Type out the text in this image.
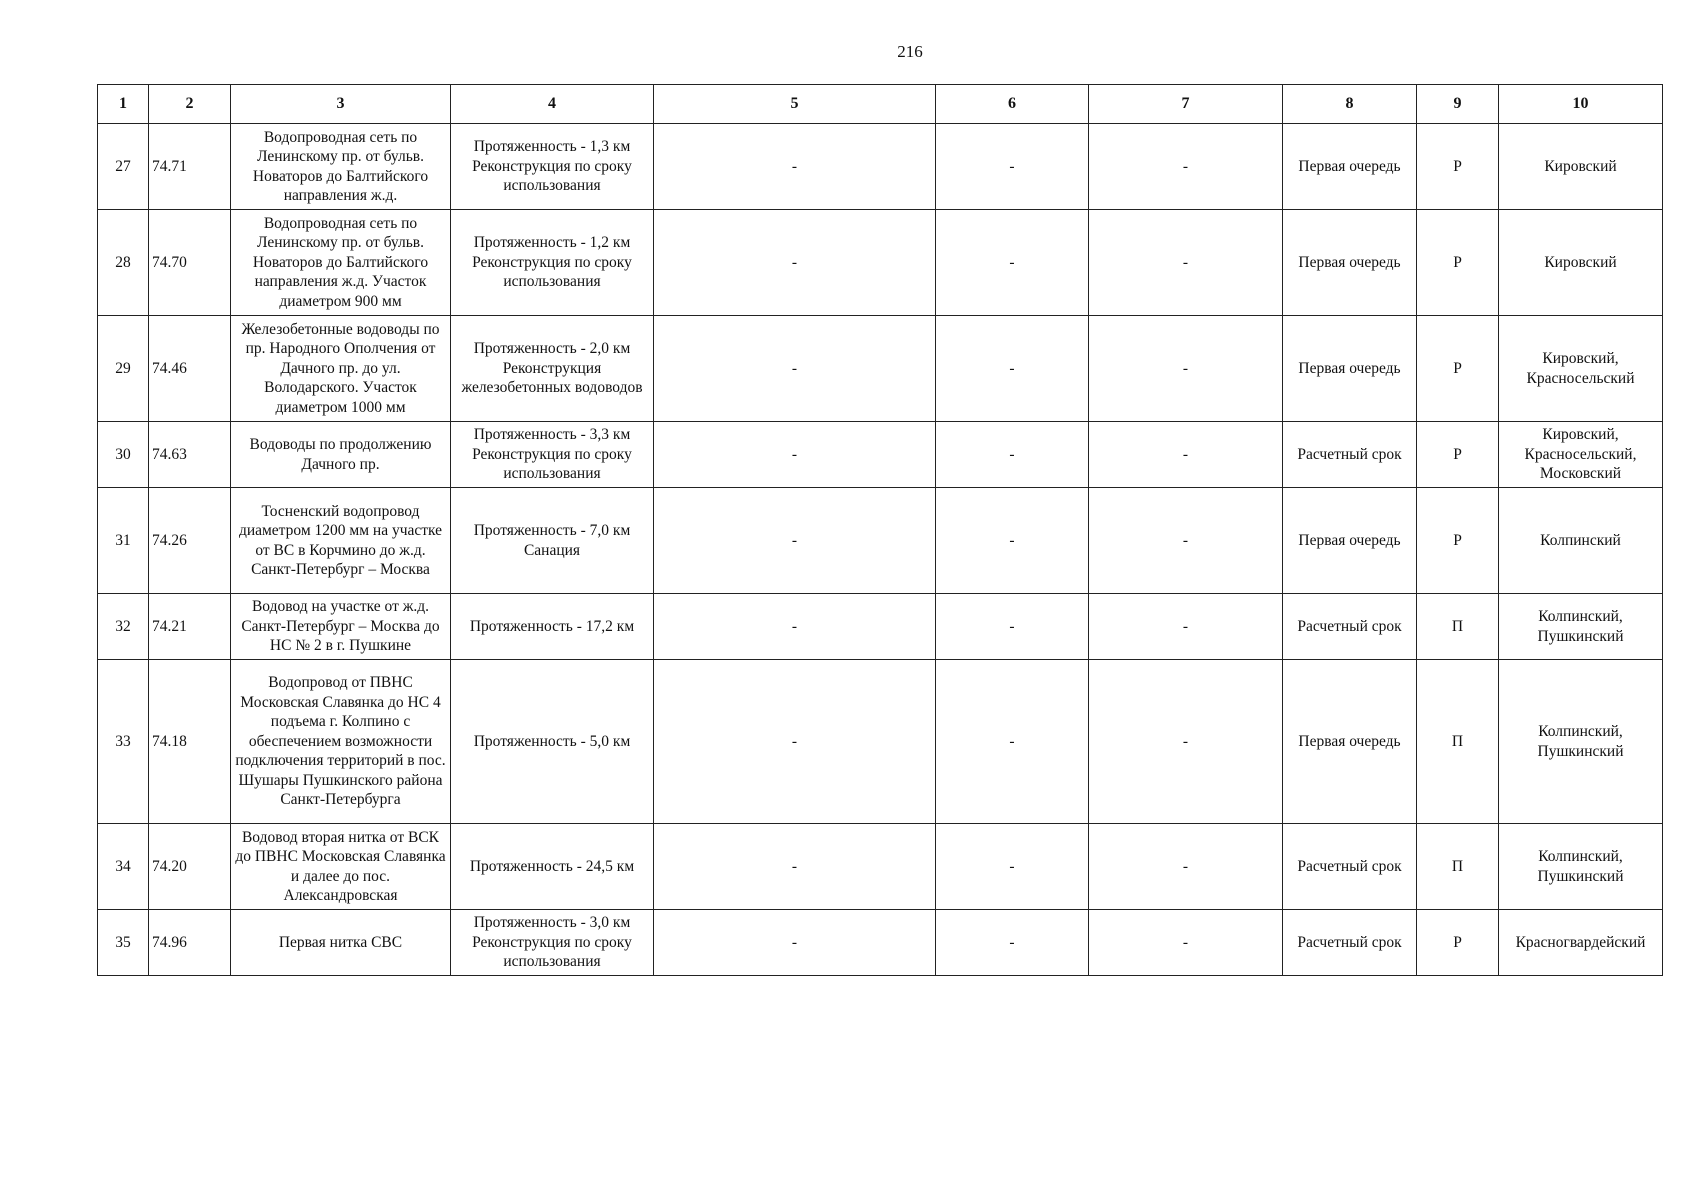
216
1	2	3	4	5	6	7	8	9	10
27	74.71	Водопроводная сеть по Ленинскому пр. от бульв. Новаторов до Балтийского направления ж.д.	Протяженность - 1,3 км Реконструкция по сроку использования	-	-	-	Первая очередь	Р	Кировский
28	74.70	Водопроводная сеть по Ленинскому пр. от бульв. Новаторов до Балтийского направления ж.д. Участок диаметром 900 мм	Протяженность - 1,2 км Реконструкция по сроку использования	-	-	-	Первая очередь	Р	Кировский
29	74.46	Железобетонные водоводы по пр. Народного Ополчения от Дачного пр. до ул. Володарского. Участок диаметром 1000 мм	Протяженность - 2,0 км Реконструкция железобетонных водоводов	-	-	-	Первая очередь	Р	Кировский, Красносельский
30	74.63	Водоводы по продолжению Дачного пр.	Протяженность - 3,3 км Реконструкция по сроку использования	-	-	-	Расчетный срок	Р	Кировский, Красносельский, Московский
31	74.26	Тосненский водопровод диаметром 1200 мм на участке от ВС в Корчмино до ж.д. Санкт-Петербург – Москва	Протяженность - 7,0 км Санация	-	-	-	Первая очередь	Р	Колпинский
32	74.21	Водовод на участке от ж.д. Санкт-Петербург – Москва до НС № 2 в г. Пушкине	Протяженность - 17,2 км	-	-	-	Расчетный срок	П	Колпинский, Пушкинский
33	74.18	Водопровод от ПВНС Московская Славянка до НС 4 подъема г. Колпино с обеспечением возможности подключения территорий в пос. Шушары Пушкинского района Санкт-Петербурга	Протяженность - 5,0 км	-	-	-	Первая очередь	П	Колпинский, Пушкинский
34	74.20	Водовод вторая нитка от ВСК до ПВНС Московская Славянка и далее до пос. Александровская	Протяженность - 24,5 км	-	-	-	Расчетный срок	П	Колпинский, Пушкинский
35	74.96	Первая нитка СВС	Протяженность - 3,0 км Реконструкция по сроку использования	-	-	-	Расчетный срок	Р	Красногвардейский
